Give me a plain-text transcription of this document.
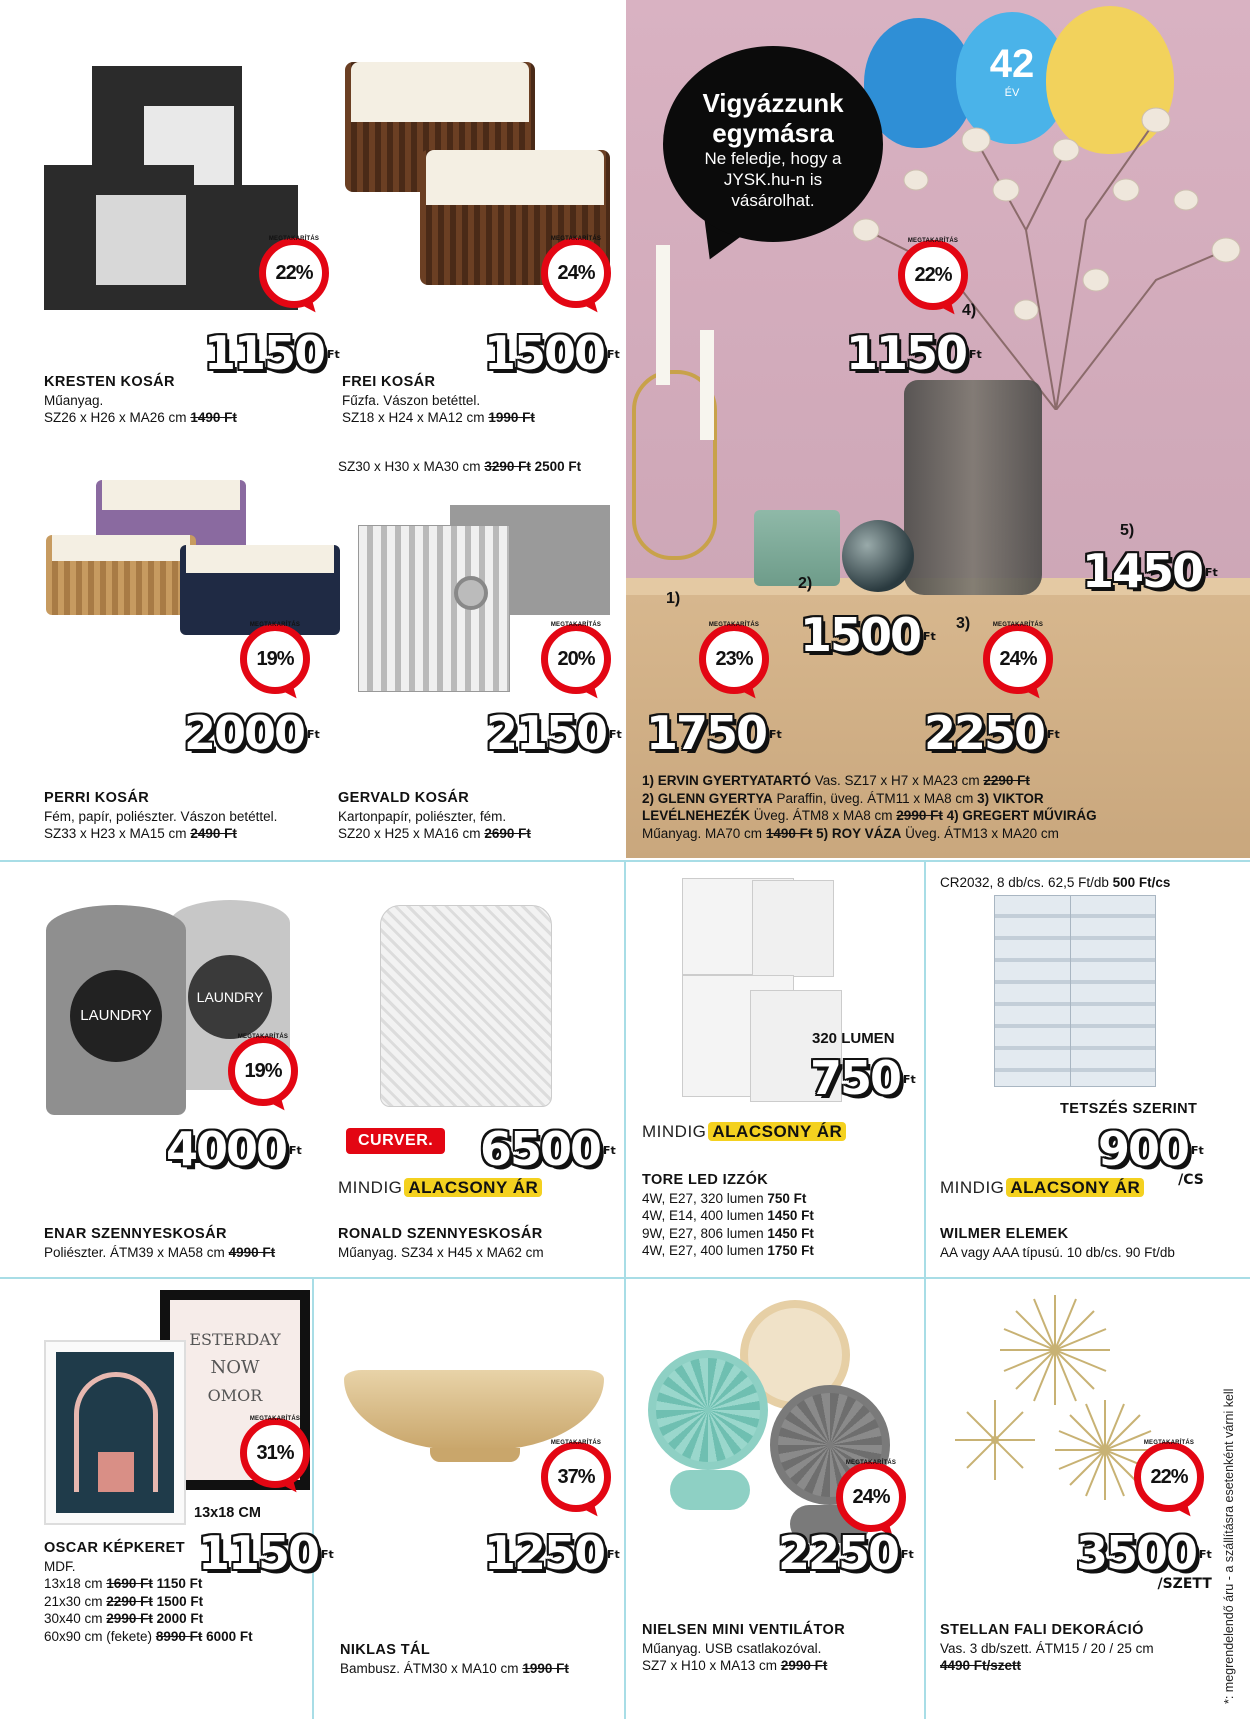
42
ÉV
Vigyázzunk egymásra
Ne feledje, hogy a JYSK.hu-n is vásárolhat.
1)
2)
3)
4)
5)
MEGTAKARÍTÁS
22%
1150 $^{Ft}$
KRESTEN KOSÁR
Műanyag.
SZ26 x H26 x MA26 cm 1490 Ft
MEGTAKARÍTÁS
24%
1500 $^{Ft}$
FREI KOSÁR
Fűzfa. Vászon betéttel.
SZ18 x H24 x MA12 cm 1990 Ft
SZ30 x H30 x MA30 cm 3290 Ft 2500 Ft
MEGTAKARÍTÁS
19%
2000 $^{Ft}$
PERRI KOSÁR
Fém, papír, poliészter. Vászon betéttel.
SZ33 x H23 x MA15 cm 2490 Ft
MEGTAKARÍTÁS
20%
2150 $^{Ft}$
GERVALD KOSÁR
Kartonpapír, poliészter, fém.
SZ20 x H25 x MA16 cm 2690 Ft
MEGTAKARÍTÁS
22%
1150 $^{Ft}$
1450 $^{Ft}$
1500 $^{Ft}$
MEGTAKARÍTÁS
23%
1750 $^{Ft}$
MEGTAKARÍTÁS
24%
2250 $^{Ft}$
1) ERVIN GYERTYATARTÓ Vas. SZ17 x H7 x MA23 cm 2290 Ft
2) GLENN GYERTYA Paraffin, üveg. ÁTM11 x MA8 cm 3) VIKTOR
LEVÉLNEHEZÉK Üveg. ÁTM8 x MA8 cm 2990 Ft 4) GREGERT MŰVIRÁG
Műanyag. MA70 cm 1490 Ft 5) ROY VÁZA Üveg. ÁTM13 x MA20 cm
LAUNDRY
LAUNDRY
MEGTAKARÍTÁS
19%
4000 $^{Ft}$
ENAR SZENNYESKOSÁR
Poliészter. ÁTM39 x MA58 cm 4990 Ft
CURVER. 6500 $^{Ft}$
MINDIG ALACSONY ÁR
RONALD SZENNYESKOSÁR
Műanyag. SZ34 x H45 x MA62 cm
320 LUMEN
750 $^{Ft}$
MINDIG ALACSONY ÁR
TORE LED IZZÓK
4W, E27, 320 lumen 750 Ft
4W, E14, 400 lumen 1450 Ft
9W, E27, 806 lumen 1450 Ft
4W, E27, 400 lumen 1750 Ft
CR2032, 8 db/cs. 62,5 Ft/db 500 Ft/cs
TETSZÉS SZERINT
900 $^{Ft}$
/CS
MINDIG ALACSONY ÁR
WILMER ELEMEK
AA vagy AAA típusú. 10 db/cs. 90 Ft/db
ESTERDAY
NOW
OMOR
MEGTAKARÍTÁS
31%
13x18 CM
1150 $^{Ft}$
OSCAR KÉPKERET
MDF.
13x18 cm 1690 Ft 1150 Ft
21x30 cm 2290 Ft 1500 Ft
30x40 cm 2990 Ft 2000 Ft
60x90 cm (fekete) 8990 Ft 6000 Ft
MEGTAKARÍTÁS
37%
1250 $^{Ft}$
NIKLAS TÁL
Bambusz. ÁTM30 x MA10 cm 1990 Ft
MEGTAKARÍTÁS
24%
2250 $^{Ft}$
NIELSEN MINI VENTILÁTOR
Műanyag. USB csatlakozóval.
SZ7 x H10 x MA13 cm 2990 Ft
MEGTAKARÍTÁS
22%
3500 $^{Ft}$
/SZETT
STELLAN FALI DEKORÁCIÓ
Vas. 3 db/szett. ÁTM15 / 20 / 25 cm
4490 Ft/szett	*: megrendelendő áru - a szállításra esetenként várni kell
